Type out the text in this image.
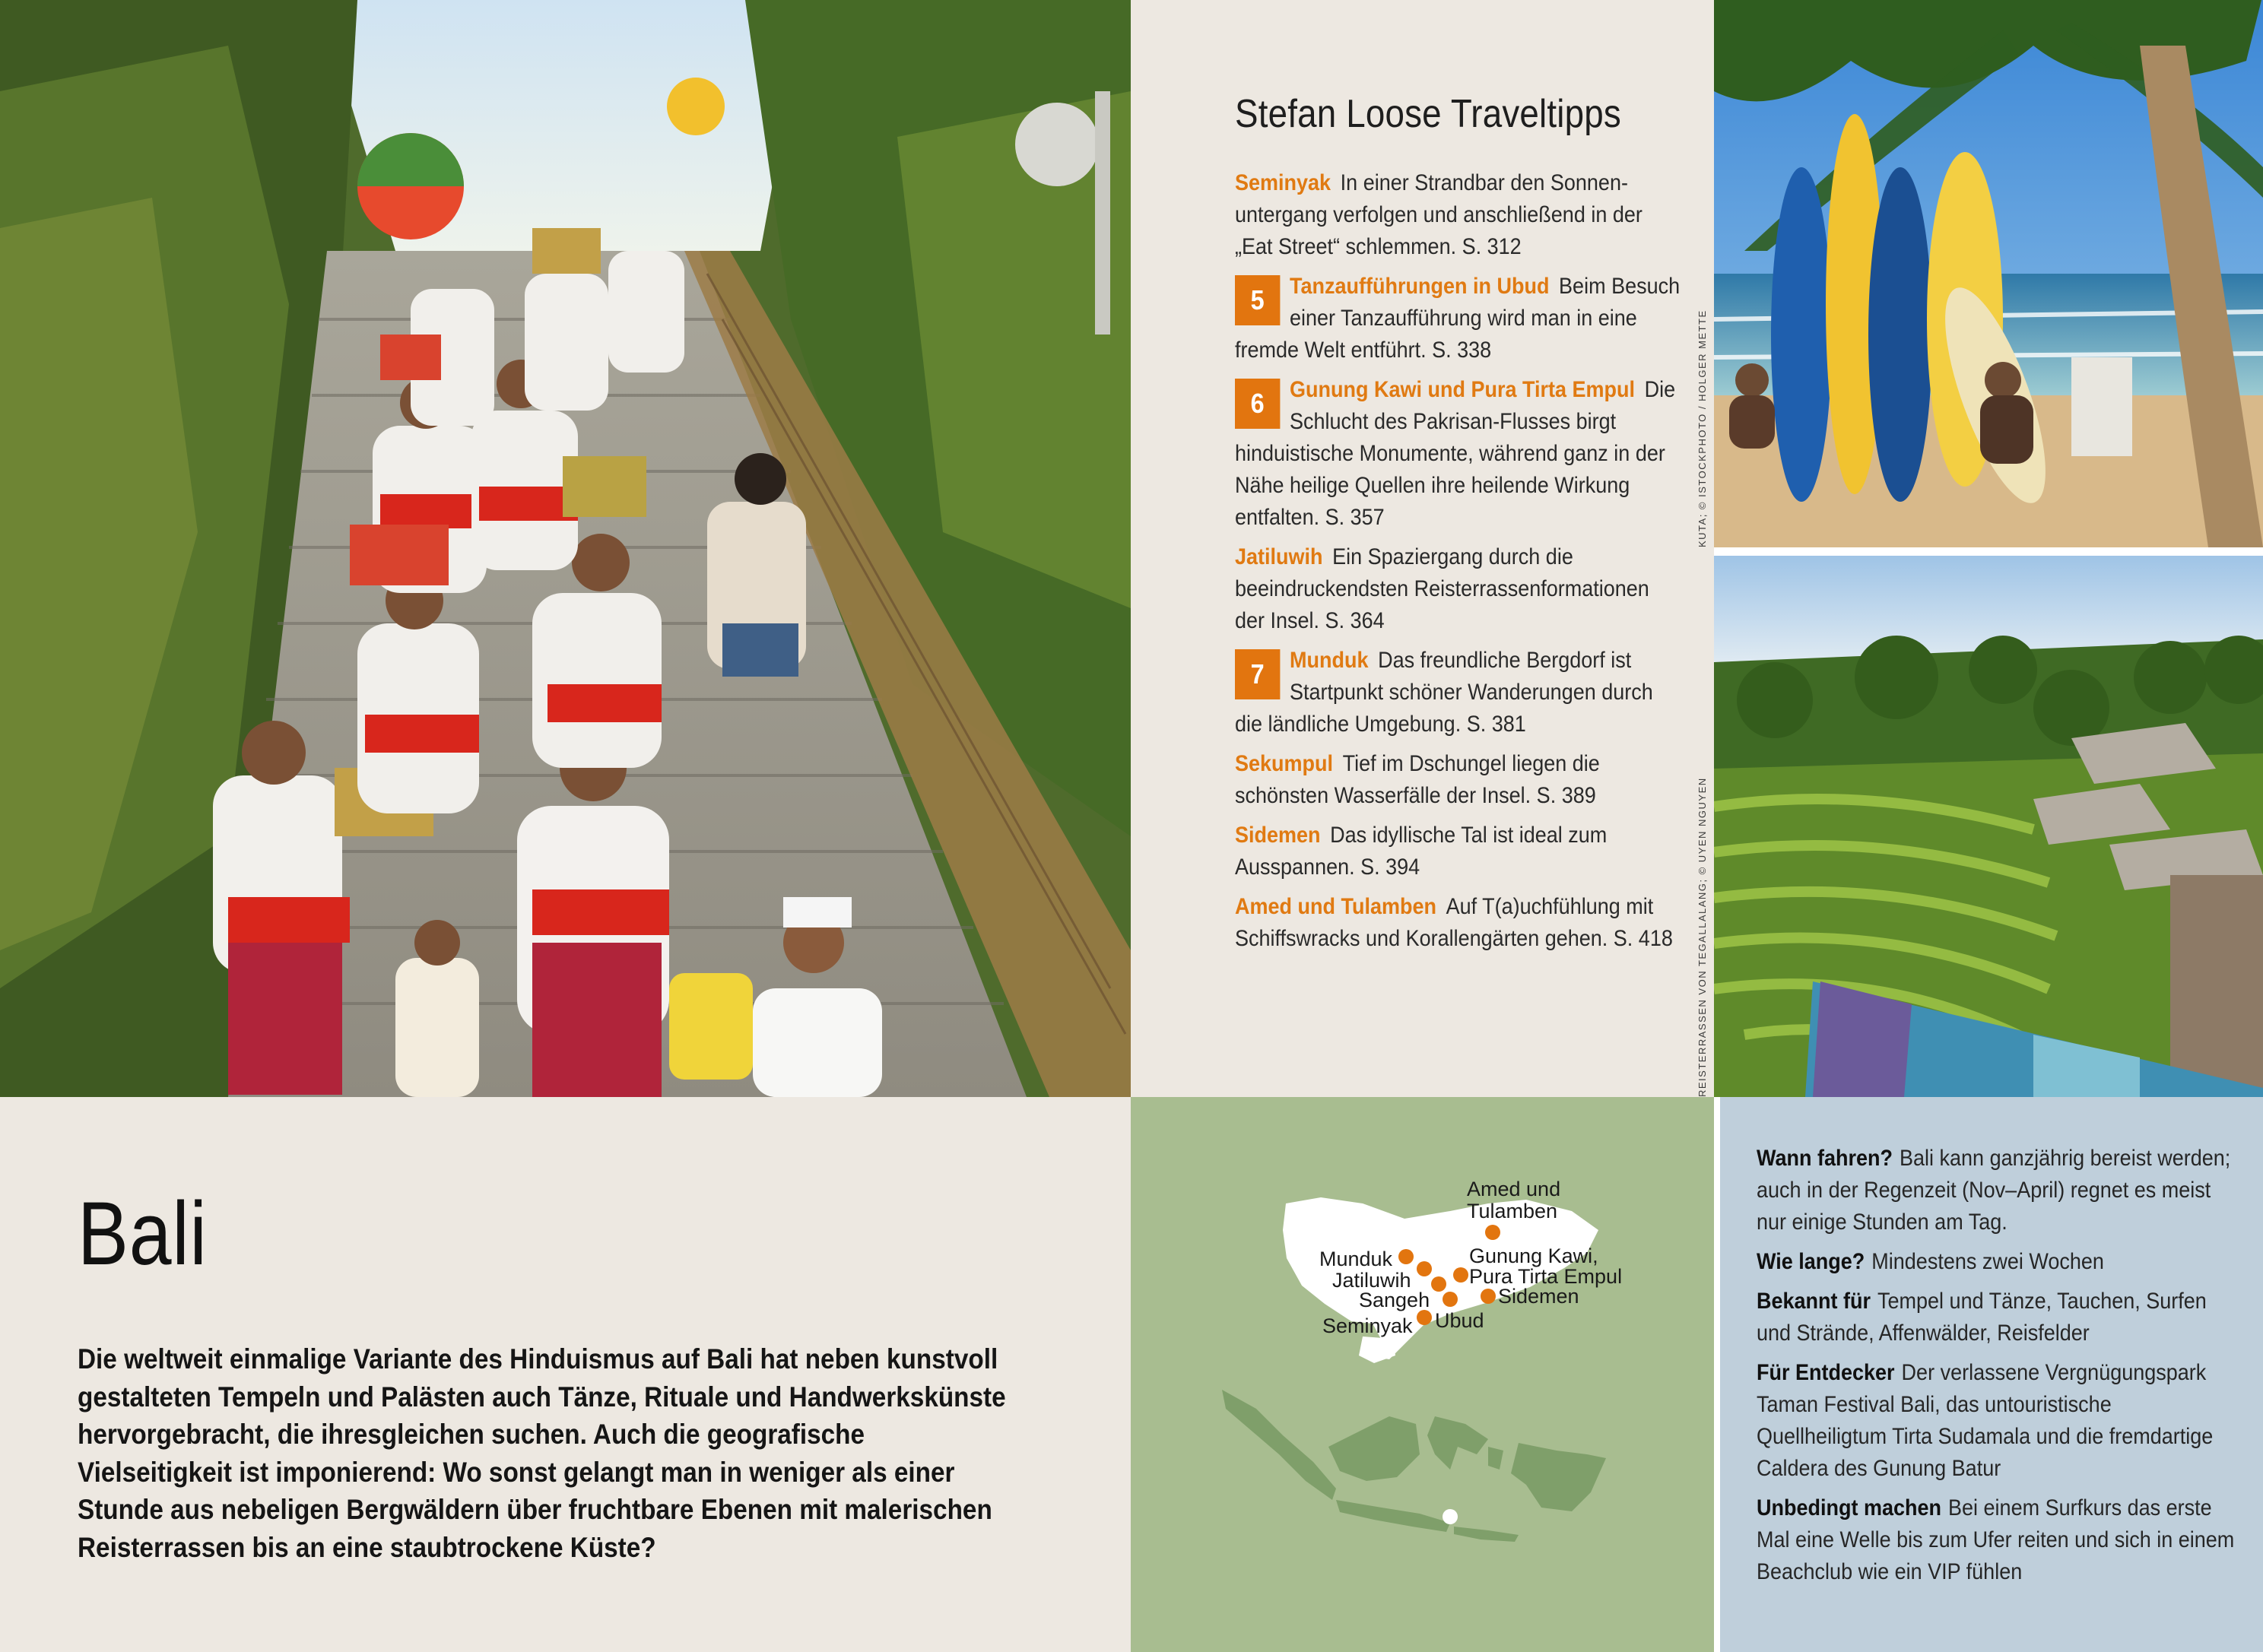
Stefan Loose Traveltipps
Seminyak In einer Strandbar den Sonnenuntergang verfolgen und anschließend in der „Eat Street“ schlemmen. S. 312
5	Tanzaufführungen in Ubud Beim Besuch einer Tanzaufführung wird man in eine fremde Welt entführt. S. 338
6	Gunung Kawi und Pura Tirta Empul Die Schlucht des Pakrisan-Flusses birgt hinduistische Monumente, während ganz in der Nähe heilige Quellen ihre heilende Wirkung entfalten. S. 357
Jatiluwih Ein Spaziergang durch die beeindruckendsten Reisterrassenformationen der Insel. S. 364
7	Munduk Das freundliche Bergdorf ist Startpunkt schöner Wanderungen durch die ländliche Umgebung. S. 381
Sekumpul Tief im Dschungel liegen die schönsten Wasserfälle der Insel. S. 389
Sidemen Das idyllische Tal ist ideal zum Ausspannen. S. 394
Amed und Tulamben Auf T(a)uchfühlung mit Schiffswracks und Korallengärten gehen. S. 418
KUTA; © ISTOCKPHOTO / HOLGER METTE
REISTERRASSEN VON TEGALLALANG; © UYEN NGUYEN
Bali
Die weltweit einmalige Variante des Hinduismus auf Bali hat neben kunstvoll gestalteten Tempeln und Palästen auch Tänze, Rituale und Handwerkskünste hervorgebracht, die ihresgleichen suchen. Auch die geografische Vielseitigkeit ist imponierend: Wo sonst gelangt man in weniger als einer Stunde aus nebeligen Bergwäldern über fruchtbare Ebenen mit malerischen Reisterrassen bis an eine staubtrockene Küste?
Amed und
Tulamben
Gunung Kawi,
Pura Tirta Empul
Munduk
Jatiluwih
Sangeh	Sidemen
Ubud
Seminyak
Wann fahren? Bali kann ganzjährig bereist werden; auch in der Regenzeit (Nov–April) regnet es meist nur einige Stunden am Tag.
Wie lange? Mindestens zwei Wochen
Bekannt für Tempel und Tänze, Tauchen, Surfen und Strände, Affenwälder, Reisfelder
Für Entdecker Der verlassene Vergnügungspark Taman Festival Bali, das untouristische Quellheiligtum Tirta Sudamala und die fremdartige Caldera des Gunung Batur
Unbedingt machen Bei einem Surfkurs das erste Mal eine Welle bis zum Ufer reiten und sich in einem Beachclub wie ein VIP fühlen
